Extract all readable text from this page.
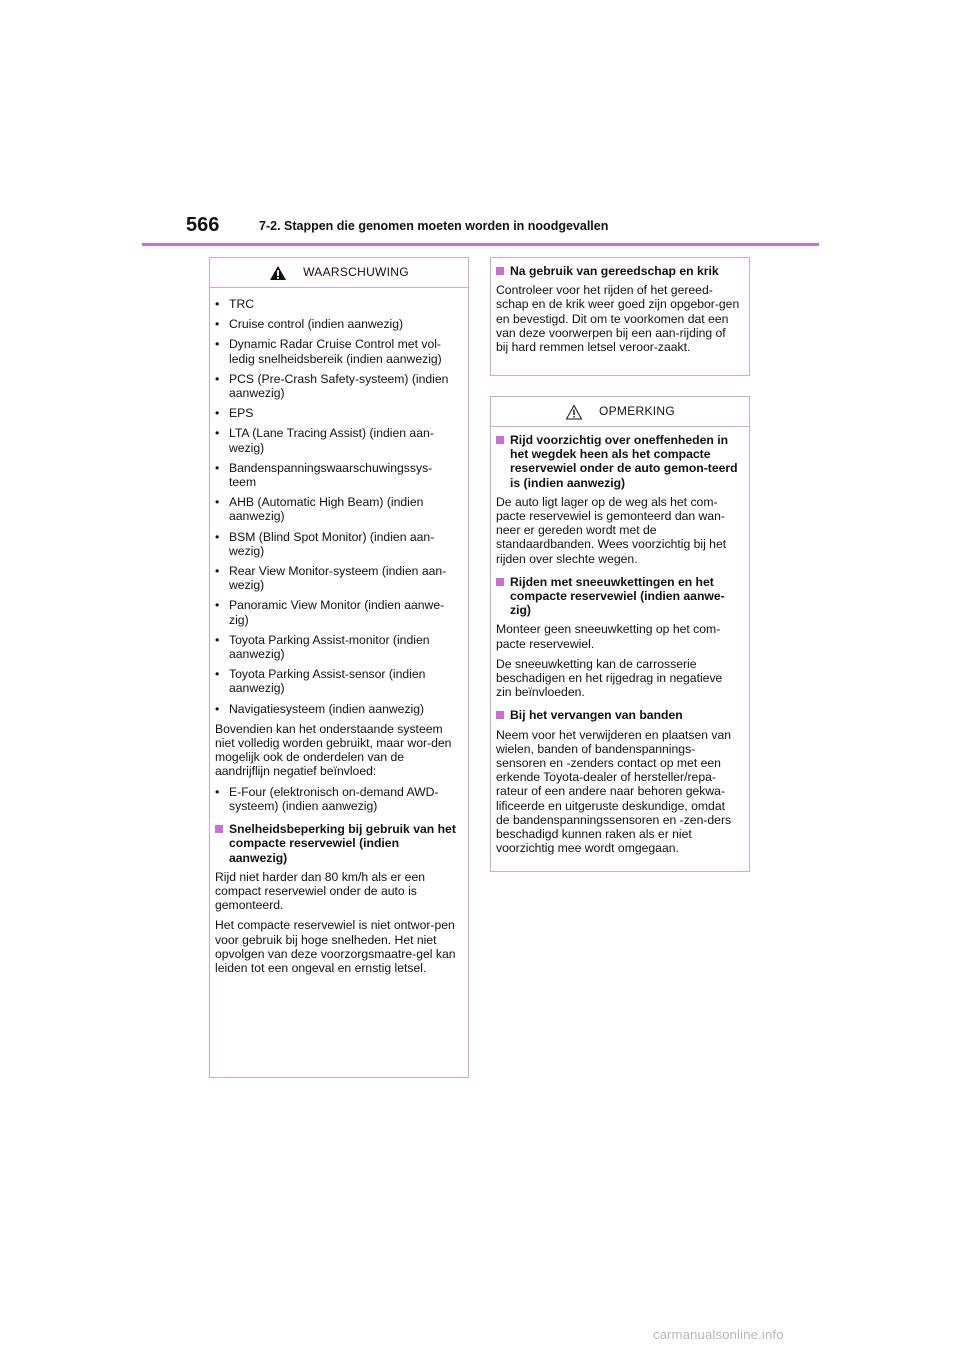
566	7-2. Stappen die genomen moeten worden in noodgevallen
WAARSCHUWING
• TRC
• Cruise control (indien aanwezig)
• Dynamic Radar Cruise Control met vol-ledig snelheidsbereik (indien aanwezig)
• PCS (Pre-Crash Safety-systeem) (indien aanwezig)
• EPS
• LTA (Lane Tracing Assist) (indien aan-wezig)
• Bandenspanningswaarschuwingssys-teem
• AHB (Automatic High Beam) (indien aanwezig)
• BSM (Blind Spot Monitor) (indien aan-wezig)
• Rear View Monitor-systeem (indien aan-wezig)
• Panoramic View Monitor (indien aanwe-zig)
• Toyota Parking Assist-monitor (indien aanwezig)
• Toyota Parking Assist-sensor (indien aanwezig)
• Navigatiesysteem (indien aanwezig)

Bovendien kan het onderstaande systeem niet volledig worden gebruikt, maar wor-den mogelijk ook de onderdelen van de aandrijflijn negatief beïnvloed:

• E-Four (elektronisch on-demand AWD-systeem) (indien aanwezig)
Snelheidsbeperking bij gebruik van het compacte reservewiel (indien aanwezig)

Rijd niet harder dan 80 km/h als er een compact reservewiel onder de auto is gemonteerd.

Het compacte reservewiel is niet ontwor-pen voor gebruik bij hoge snelheden. Het niet opvolgen van deze voorzorgsmaatre-gel kan leiden tot een ongeval en ernstig letsel.

Na gebruik van gereedschap en krik

Controleer voor het rijden of het gereed-schap en de krik weer goed zijn opgebor-gen en bevestigd. Dit om te voorkomen dat een van deze voorwerpen bij een aan-rijding of bij hard remmen letsel veroor-zaakt.

OPMERKING
Rijd voorzichtig over oneffenheden in het wegdek heen als het compacte reservewiel onder de auto gemon-teerd is (indien aanwezig)

De auto ligt lager op de weg als het com-pacte reservewiel is gemonteerd dan wan-neer er gereden wordt met de standaardbanden. Wees voorzichtig bij het rijden over slechte wegen.

Rijden met sneeuwkettingen en het compacte reservewiel (indien aanwe-zig)

Monteer geen sneeuwketting op het com-pacte reservewiel.

De sneeuwketting kan de carrosserie beschadigen en het rijgedrag in negatieve zin beïnvloeden.

Bij het vervangen van banden

Neem voor het verwijderen en plaatsen van wielen, banden of bandenspannings-sensoren en -zenders contact op met een erkende Toyota-dealer of hersteller/repa-rateur of een andere naar behoren gekwa-lificeerde en uitgeruste deskundige, omdat de bandenspanningssensoren en -zen-ders beschadigd kunnen raken als er niet voorzichtig mee wordt omgegaan.

carmanualsonline.info
